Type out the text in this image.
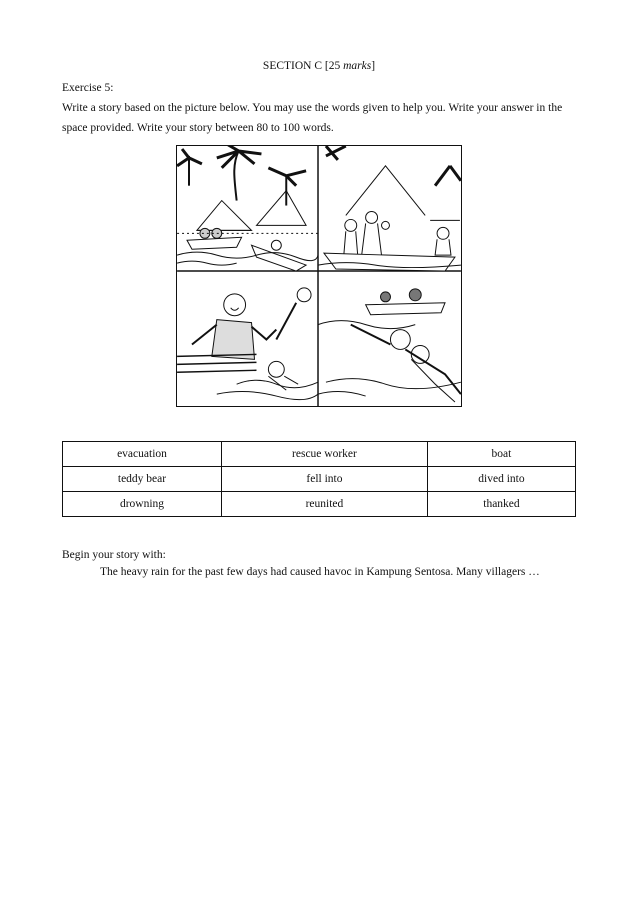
SECTION C [25 marks]
Exercise 5:
Write a story based on the picture below. You may use the words given to help you. Write your answer in the space provided. Write your story between 80 to 100 words.
evacuation	rescue worker	boat
teddy bear	fell into	dived into
drowning	reunited	thanked
Begin your story with:
The heavy rain for the past few days had caused havoc in Kampung Sentosa. Many villagers …
